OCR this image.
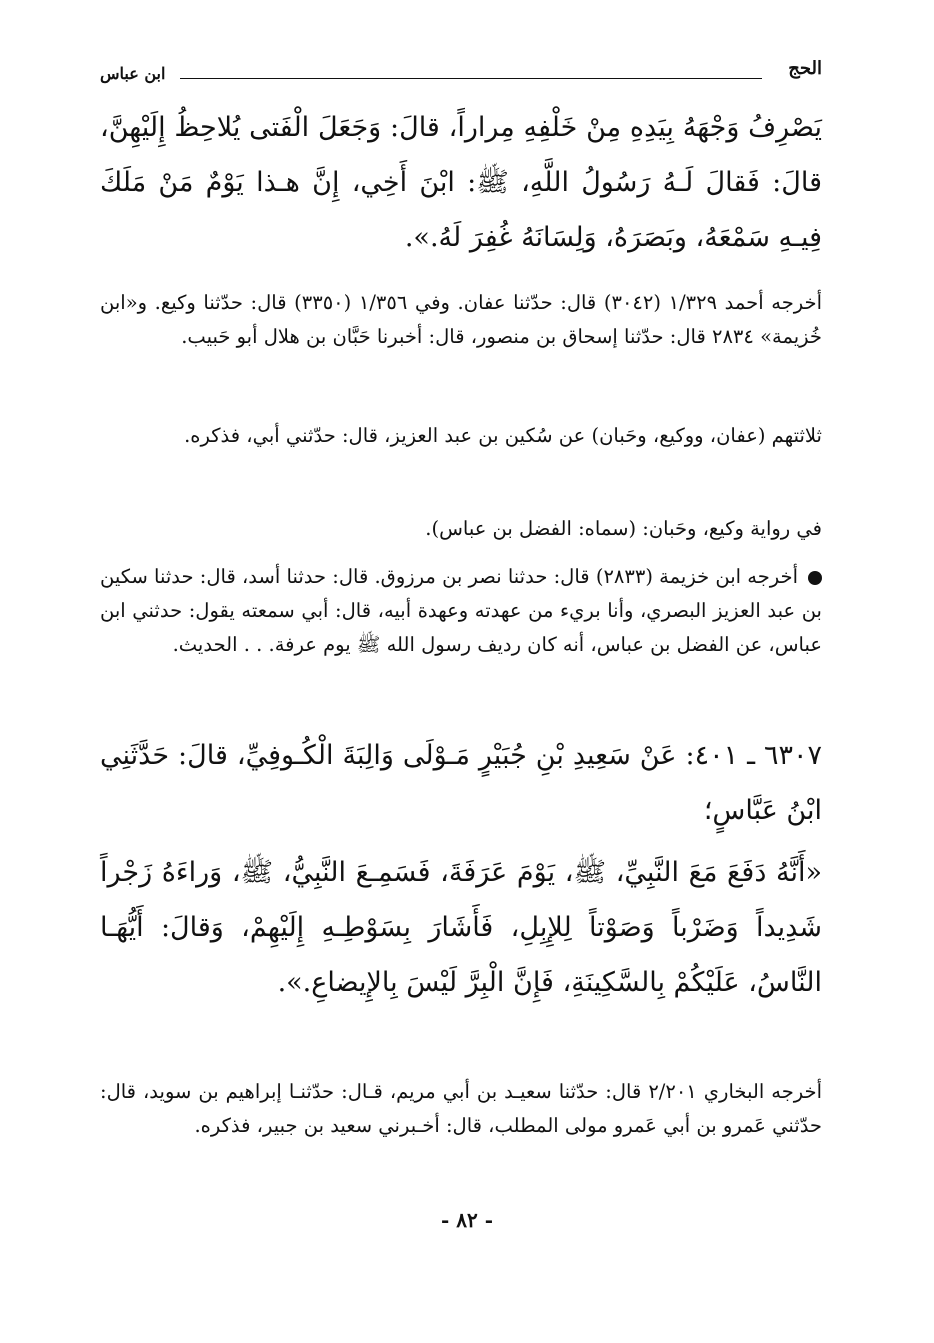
الحج
ابن عباس
يَصْرِفُ وَجْهَهُ بِيَدِهِ مِنْ خَلْفِهِ مِراراً، قالَ: وَجَعَلَ الْفَتى يُلاحِظُ إِلَيْهِنَّ، قالَ: فَقالَ لَـهُ رَسُولُ اللَّهِ، ﷺ: ابْنَ أَخِي، إِنَّ هـذا يَوْمٌ مَنْ مَلَكَ فِيـهِ سَمْعَهُ، وبَصَرَهُ، وَلِسَانَهُ غُفِرَ لَهُ.».
أخرجه أحمد ١/٣٢٩ (٣٠٤٢) قال: حدّثنا عفان. وفي ١/٣٥٦ (٣٣٥٠) قال: حدّثنا وكيع. و«ابن خُزيمة» ٢٨٣٤ قال: حدّثنا إسحاق بن منصور، قال: أخبرنا حَبَّان بن هلال أبو حَبيب.
ثلاثتهم (عفان، ووكيع، وحَبان) عن سُكين بن عبد العزيز، قال: حدّثني أبي، فذكره.
في رواية وكيع، وحَبان: (سماه: الفضل بن عباس).
أخرجه ابن خزيمة (٢٨٣٣) قال: حدثنا نصر بن مرزوق. قال: حدثنا أسد، قال: حدثنا سكين بن عبد العزيز البصري، وأنا بريء من عهدته وعهدة أبيه، قال: أبي سمعته يقول: حدثني ابن عباس، عن الفضل بن عباس، أنه كان رديف رسول الله ﷺ يوم عرفة. . . الحديث.
٦٣٠٧ ـ ٤٠١: عَنْ سَعِيدِ بْنِ جُبَيْرٍ مَـوْلَى وَالِبَةَ الْكُـوفِيِّ، قالَ: حَدَّثَنِي ابْنُ عَبَّاسٍ؛
«أَنَّهُ دَفَعَ مَعَ النَّبِيِّ، ﷺ، يَوْمَ عَرَفَةَ، فَسَمِـعَ النَّبِيُّ، ﷺ، وَراءَهُ زَجْراً شَدِيداً وَضَرْباً وَصَوْتاً لِلإِبِلِ، فَأَشَارَ بِسَوْطِـهِ إِلَيْهِمْ، وَقالَ: أَيُّهَـا النَّاسُ، عَلَيْكُمْ بِالسَّكِينَةِ، فَإِنَّ الْبِرَّ لَيْسَ بِالإِيضاعِ.».
أخرجه البخاري ٢/٢٠١ قال: حدّثنا سعيـد بن أبي مريم، قـال: حدّثنـا إبراهيم بن سويد، قال: حدّثني عَمرو بن أبي عَمرو مولى المطلب، قال: أخـبرني سعيد بن جبير، فذكره.
- ٨٢ -
